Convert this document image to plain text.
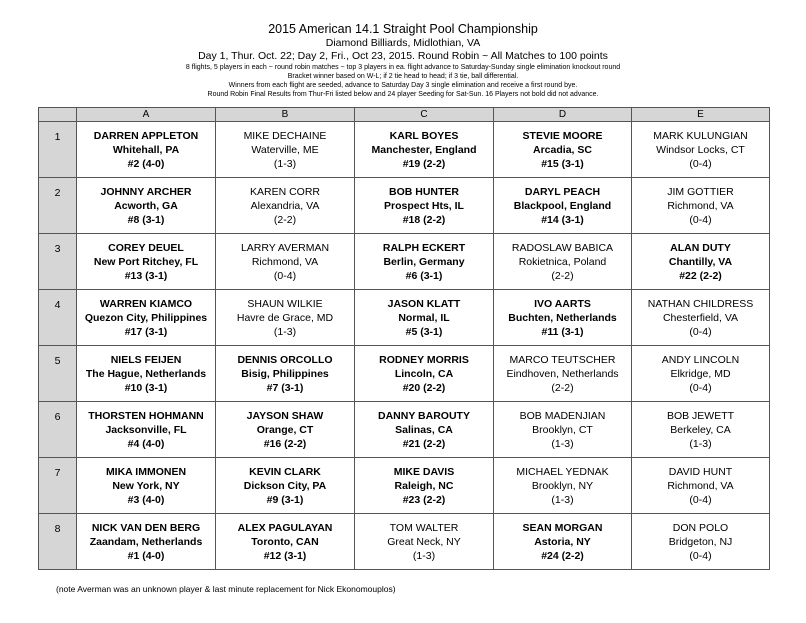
2015 American 14.1 Straight Pool Championship
Diamond Billiards, Midlothian, VA
Day 1, Thur. Oct. 22; Day 2, Fri., Oct 23, 2015. Round Robin ~ All Matches to 100 points
8 flights, 5 players in each ~ round robin matches ~ top 3 players in ea. flight advance to Saturday-Sunday single elimination knockout round
Bracket winner based on W-L; if 2 tie head to head; if 3 tie, ball differential.
Winners from each flight are seeded, advance to Saturday Day 3 single elimination and receive a first round bye.
Round Robin Final Results from Thur-Fri listed below and 24 player Seeding for Sat-Sun. 16 Players not bold did not advance.
	A	B	C	D	E

1	DARREN APPLETON
Whitehall, PA
#2 (4-0)	MIKE DECHAINE
Waterville, ME
(1-3)	KARL BOYES
Manchester, England
#19 (2-2)	STEVIE MOORE
Arcadia, SC
#15 (3-1)	MARK KULUNGIAN
Windsor Locks, CT
(0-4)

2	JOHNNY ARCHER
Acworth, GA
#8 (3-1)	KAREN CORR
Alexandria, VA
(2-2)	BOB HUNTER
Prospect Hts, IL
#18 (2-2)	DARYL PEACH
Blackpool, England
#14 (3-1)	JIM GOTTIER
Richmond, VA
(0-4)

3	COREY DEUEL
New Port Ritchey, FL
#13 (3-1)	LARRY AVERMAN
Richmond, VA
(0-4)	RALPH ECKERT
Berlin, Germany
#6 (3-1)	RADOSLAW BABICA
Rokietnica, Poland
(2-2)	ALAN DUTY
Chantilly, VA
#22 (2-2)

4	WARREN KIAMCO
Quezon City, Philippines
#17 (3-1)	SHAUN WILKIE
Havre de Grace, MD
(1-3)	JASON KLATT
Normal, IL
#5 (3-1)	IVO AARTS
Buchten, Netherlands
#11 (3-1)	NATHAN CHILDRESS
Chesterfield, VA
(0-4)

5	NIELS FEIJEN
The Hague, Netherlands
#10 (3-1)	DENNIS ORCOLLO
Bisig, Philippines
#7 (3-1)	RODNEY MORRIS
Lincoln, CA
#20 (2-2)	MARCO TEUTSCHER
Eindhoven, Netherlands
(2-2)	ANDY LINCOLN
Elkridge, MD
(0-4)

6	THORSTEN HOHMANN
Jacksonville, FL
#4 (4-0)	JAYSON SHAW
Orange, CT
#16 (2-2)	DANNY BAROUTY
Salinas, CA
#21 (2-2)	BOB MADENJIAN
Brooklyn, CT
(1-3)	BOB JEWETT
Berkeley, CA
(1-3)

7	MIKA IMMONEN
New York, NY
#3 (4-0)	KEVIN CLARK
Dickson City, PA
#9 (3-1)	MIKE DAVIS
Raleigh, NC
#23 (2-2)	MICHAEL YEDNAK
Brooklyn, NY
(1-3)	DAVID HUNT
Richmond, VA
(0-4)

8	NICK VAN DEN BERG
Zaandam, Netherlands
#1 (4-0)	ALEX PAGULAYAN
Toronto, CAN
#12 (3-1)	TOM WALTER
Great Neck, NY
(1-3)	SEAN MORGAN
Astoria, NY
#24 (2-2)	DON POLO
Bridgeton, NJ
(0-4)
(note Averman was an unknown player & last minute replacement for Nick Ekonomouplos)
